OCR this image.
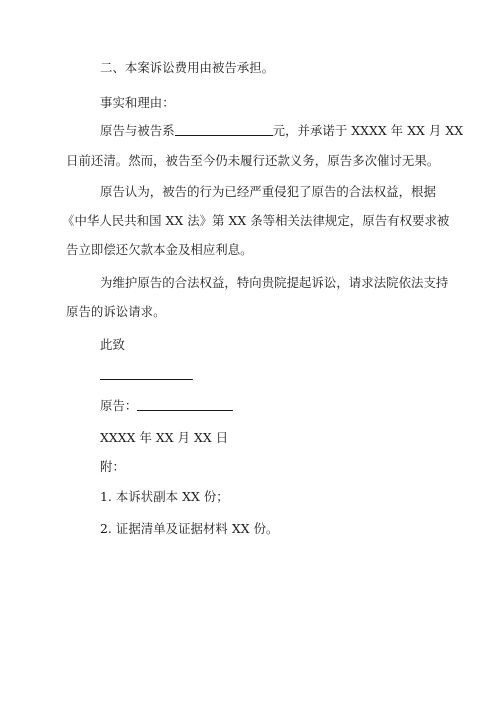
二、本案诉讼费用由被告承担。
事实和理由：
原告与被告系	元，并承诺于 XXXX 年 XX 月 XX
日前还清。然而，被告至今仍未履行还款义务，原告多次催讨无果。
原告认为，被告的行为已经严重侵犯了原告的合法权益，根据
《中华人民共和国 XX 法》第 XX 条等相关法律规定，原告有权要求被
告立即偿还欠款本金及相应利息。
为维护原告的合法权益，特向贵院提起诉讼，请求法院依法支持
原告的诉讼请求。
此致
原告：
XXXX 年 XX 月 XX 日
附：
1. 本诉状副本 XX 份；
2. 证据清单及证据材料 XX 份。
